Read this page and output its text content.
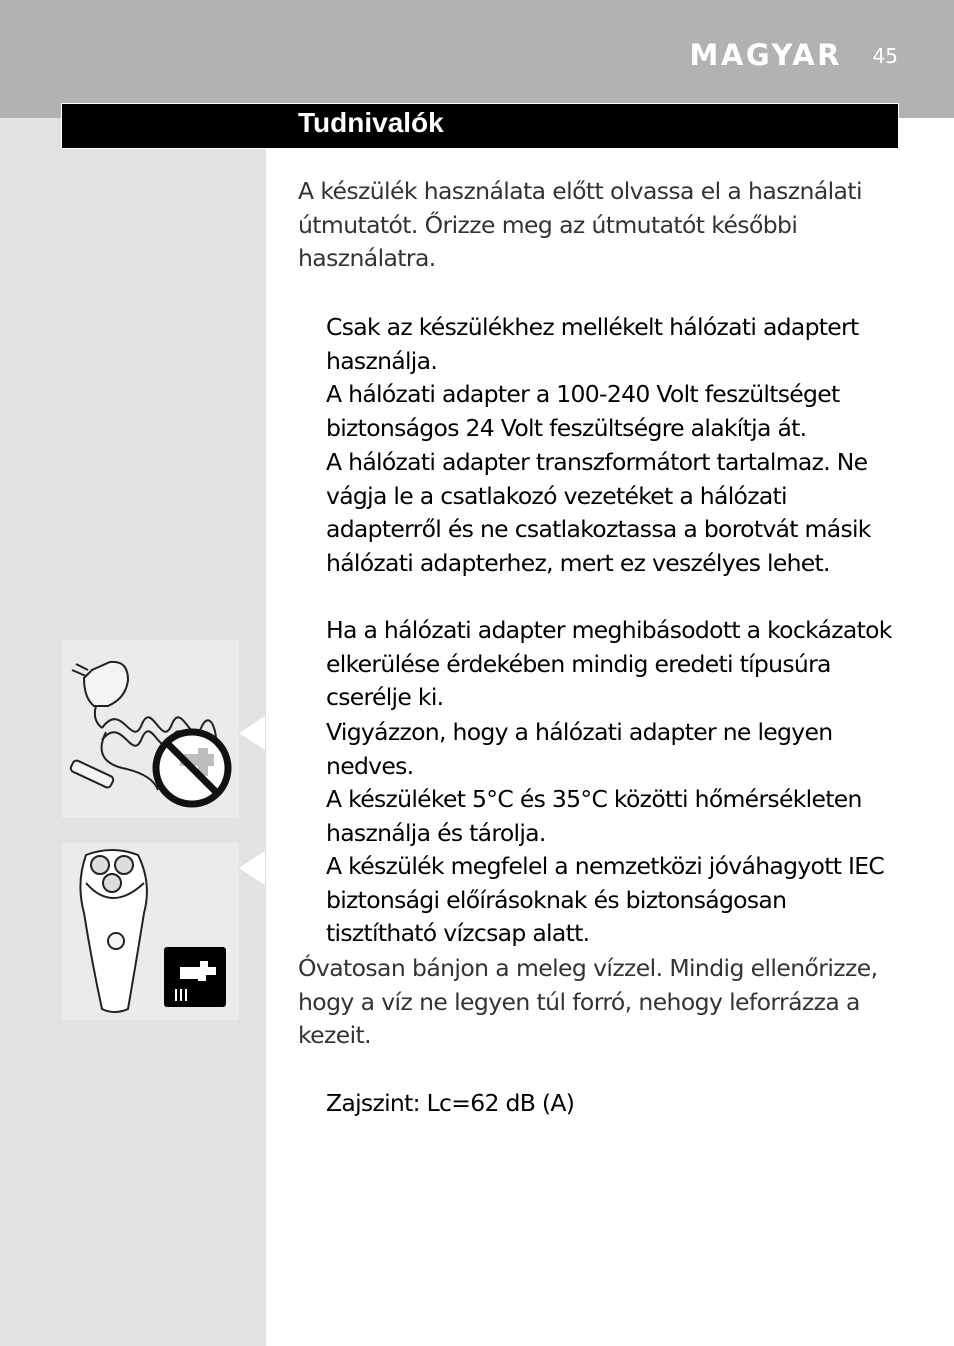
MAGYAR 45
Tudnivalók
A készülék használata előtt olvassa el a használati útmutatót. Őrizze meg az útmutatót későbbi használatra.
Csak az készülékhez mellékelt hálózati adaptert használja.
A hálózati adapter a 100-240 Volt feszültséget biztonságos 24 Volt feszültségre alakítja át.
A hálózati adapter transzformátort tartalmaz. Ne vágja le a csatlakozó vezetéket a hálózati adapterről és ne csatlakoztassa a borotvát másik hálózati adapterhez, mert ez veszélyes lehet.
Ha a hálózati adapter meghibásodott a kockázatok elkerülése érdekében mindig eredeti típusúra cserélje ki.
Vigyázzon, hogy a hálózati adapter ne legyen nedves.
A készüléket 5°C és 35°C közötti hőmérsékleten használja és tárolja.
A készülék megfelel a nemzetközi jóváhagyott IEC biztonsági előírásoknak és biztonságosan tisztítható vízcsap alatt.
Óvatosan bánjon a meleg vízzel. Mindig ellenőrizze, hogy a víz ne legyen túl forró, nehogy leforrázza a kezeit.
Zajszint: Lc=62 dB (A)
